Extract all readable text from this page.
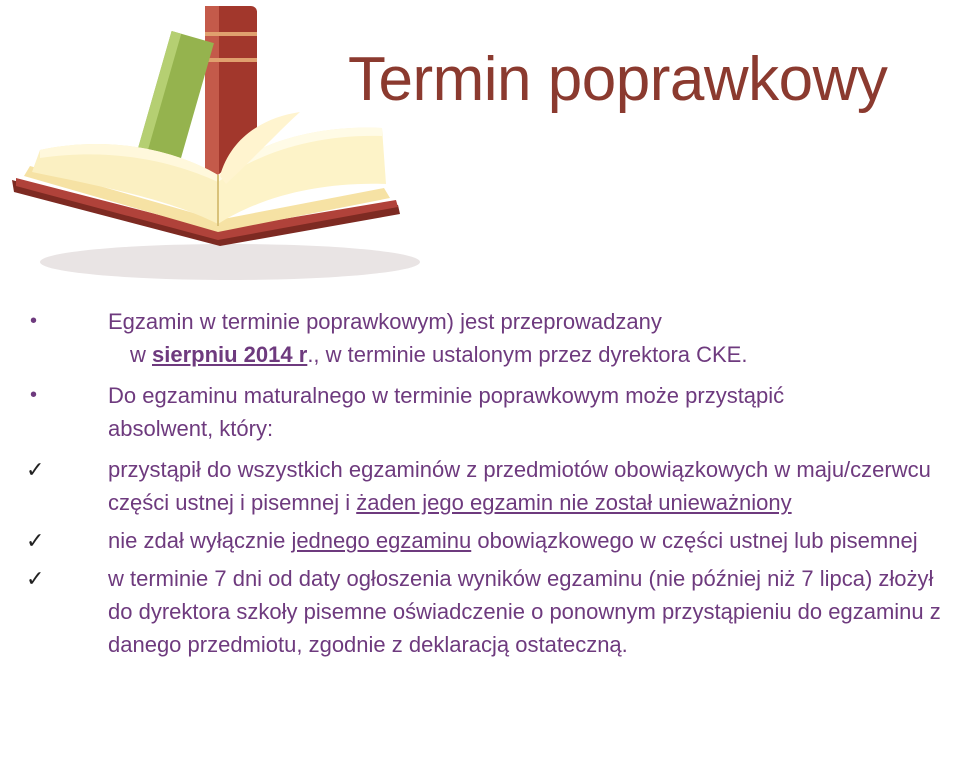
Termin poprawkowy
•	Egzamin w terminie poprawkowym) jest przeprowadzany
w sierpniu 2014 r., w terminie ustalonym przez dyrektora CKE.
•	Do egzaminu maturalnego w terminie poprawkowym może przystąpić absolwent, który:
✓	przystąpił do wszystkich egzaminów z przedmiotów obowiązkowych w maju/czerwcu części ustnej i pisemnej i żaden jego egzamin nie został unieważniony
✓	nie zdał wyłącznie jednego egzaminu obowiązkowego w części ustnej lub pisemnej
✓	w terminie 7 dni od daty ogłoszenia wyników egzaminu (nie później niż 7 lipca) złożył do dyrektora szkoły pisemne oświadczenie o ponownym przystąpieniu do egzaminu z danego przedmiotu, zgodnie z deklaracją ostateczną.
